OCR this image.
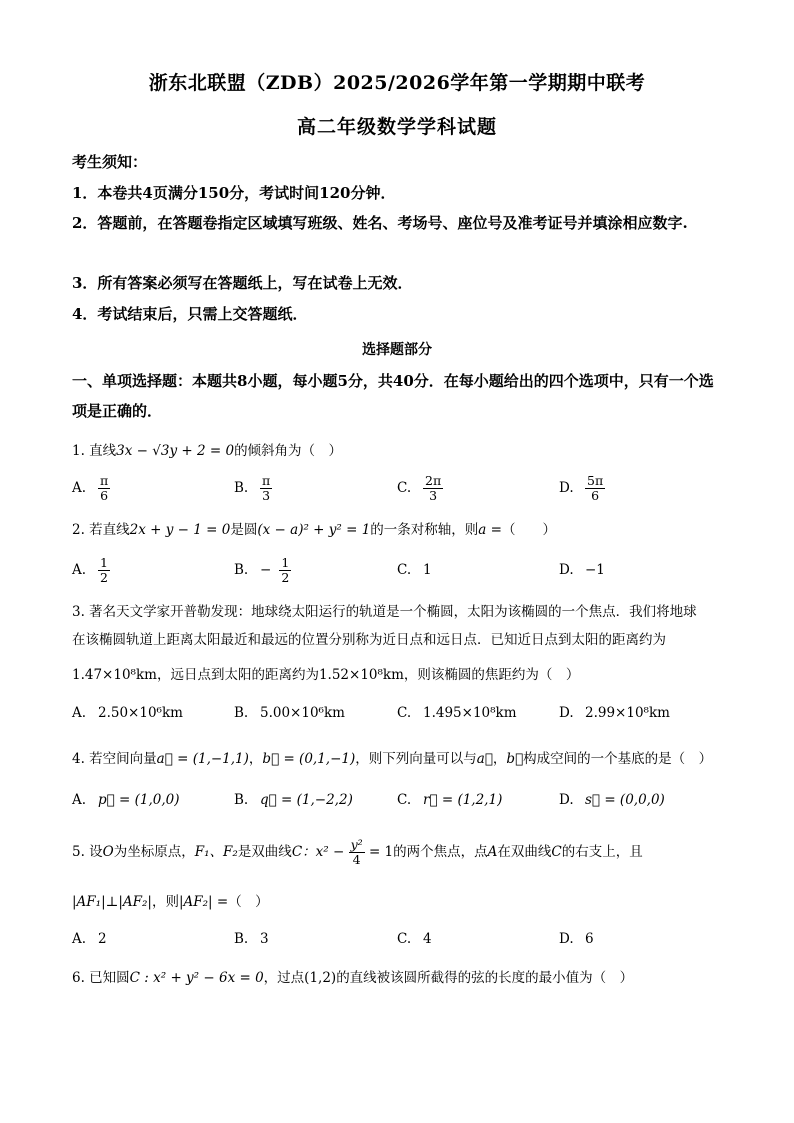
浙东北联盟（ZDB）2025/2026学年第一学期期中联考
高二年级数学学科试题
考生须知：
1．本卷共4页满分150分，考试时间120分钟．
2．答题前，在答题卷指定区域填写班级、姓名、考场号、座位号及准考证号并填涂相应数字.
3．所有答案必须写在答题纸上，写在试卷上无效．
4．考试结束后，只需上交答题纸．
选择题部分
一、单项选择题：本题共8小题，每小题5分，共40分．在每小题给出的四个选项中，只有一个选项是正确的．
1. 直线3x − √3y + 2 = 0的倾斜角为（　）
A. $\frac{\pi}{6}$	B. $\frac{\pi}{3}$	C. $\frac{2\pi}{3}$	D. $\frac{5\pi}{6}$
2. 若直线2x + y − 1 = 0是圆(x − a)² + y² = 1的一条对称轴，则a =（　　）
A. $\frac{1}{2}$	B. − $\frac{1}{2}$	C. 1	D. −1
3. 著名天文学家开普勒发现：地球绕太阳运行的轨道是一个椭圆，太阳为该椭圆的一个焦点．我们将地球
在该椭圆轨道上距离太阳最近和最远的位置分别称为近日点和远日点．已知近日点到太阳的距离约为
1.47×10⁸km，远日点到太阳的距离约为1.52×10⁸km，则该椭圆的焦距约为（　）
A. 2.50×10⁶km	B. 5.00×10⁶km	C. 1.495×10⁸km	D. 2.99×10⁸km
4. 若空间向量a⃗ = (1,−1,1)，b⃗ = (0,1,−1)，则下列向量可以与a⃗，b⃗构成空间的一个基底的是（　）
A. p⃗ = (1,0,0)	B. q⃗ = (1,−2,2)	C. r⃗ = (1,2,1)	D. s⃗ = (0,0,0)
5. 设O为坐标原点，F₁、F₂是双曲线C：$x^2 - \frac{\text{y²}}{4} = 1$的两个焦点，点A在双曲线C的右支上，且
|AF₁|⊥|AF₂|，则|AF₂| =（　）
A. 2	B. 3	C. 4	D. 6
6. 已知圆C : x² + y² − 6x = 0，过点(1,2)的直线被该圆所截得的弦的长度的最小值为（　）
